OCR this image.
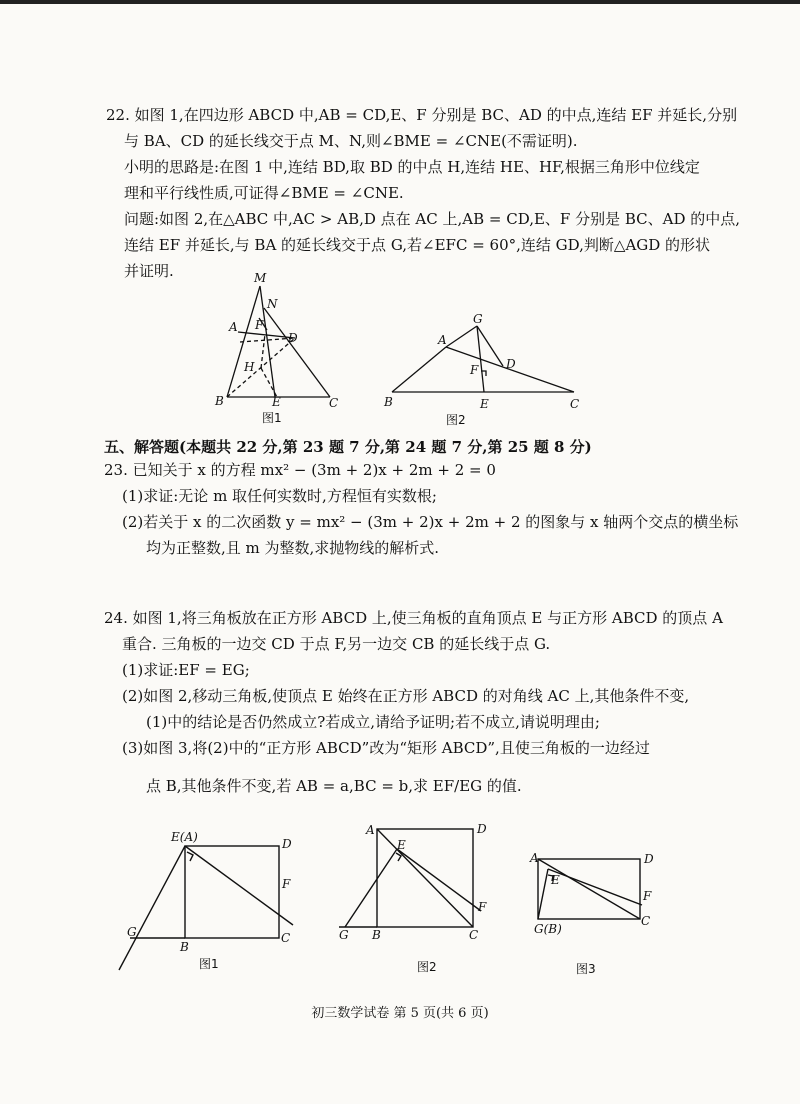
22. 如图 1,在四边形 ABCD 中,AB = CD,E、F 分别是 BC、AD 的中点,连结 EF 并延长,分别
与 BA、CD 的延长线交于点 M、N,则∠BME = ∠CNE(不需证明).
小明的思路是:在图 1 中,连结 BD,取 BD 的中点 H,连结 HE、HF,根据三角形中位线定
理和平行线性质,可证得∠BME = ∠CNE.
问题:如图 2,在△ABC 中,AC > AB,D 点在 AC 上,AB = CD,E、F 分别是 BC、AD 的中点,
连结 EF 并延长,与 BA 的延长线交于点 G,若∠EFC = 60°,连结 GD,判断△AGD 的形状
并证明.	M
N
A F
D
H
B	E	C
图1
G
A
D
F
B	E	C
图2
五、解答题(本题共 22 分,第 23 题 7 分,第 24 题 7 分,第 25 题 8 分)
23. 已知关于 x 的方程 mx² − (3m + 2)x + 2m + 2 = 0
(1)求证:无论 m 取任何实数时,方程恒有实数根;
(2)若关于 x 的二次函数 y = mx² − (3m + 2)x + 2m + 2 的图象与 x 轴两个交点的横坐标
均为正整数,且 m 为整数,求抛物线的解析式.
24. 如图 1,将三角板放在正方形 ABCD 上,使三角板的直角顶点 E 与正方形 ABCD 的顶点 A
重合. 三角板的一边交 CD 于点 F,另一边交 CB 的延长线于点 G.
(1)求证:EF = EG;
(2)如图 2,移动三角板,使顶点 E 始终在正方形 ABCD 的对角线 AC 上,其他条件不变,
(1)中的结论是否仍然成立?若成立,请给予证明;若不成立,请说明理由;
(3)如图 3,将(2)中的“正方形 ABCD”改为“矩形 ABCD”,且使三角板的一边经过
点 B,其他条件不变,若 AB = a,BC = b,求 EF/EG 的值.
E(A)	D
F
G
B
C
图1
A	D
E
F
G B	C
图2
A	D
E
F
G(B)
C
图3
初三数学试卷 第 5 页(共 6 页)
